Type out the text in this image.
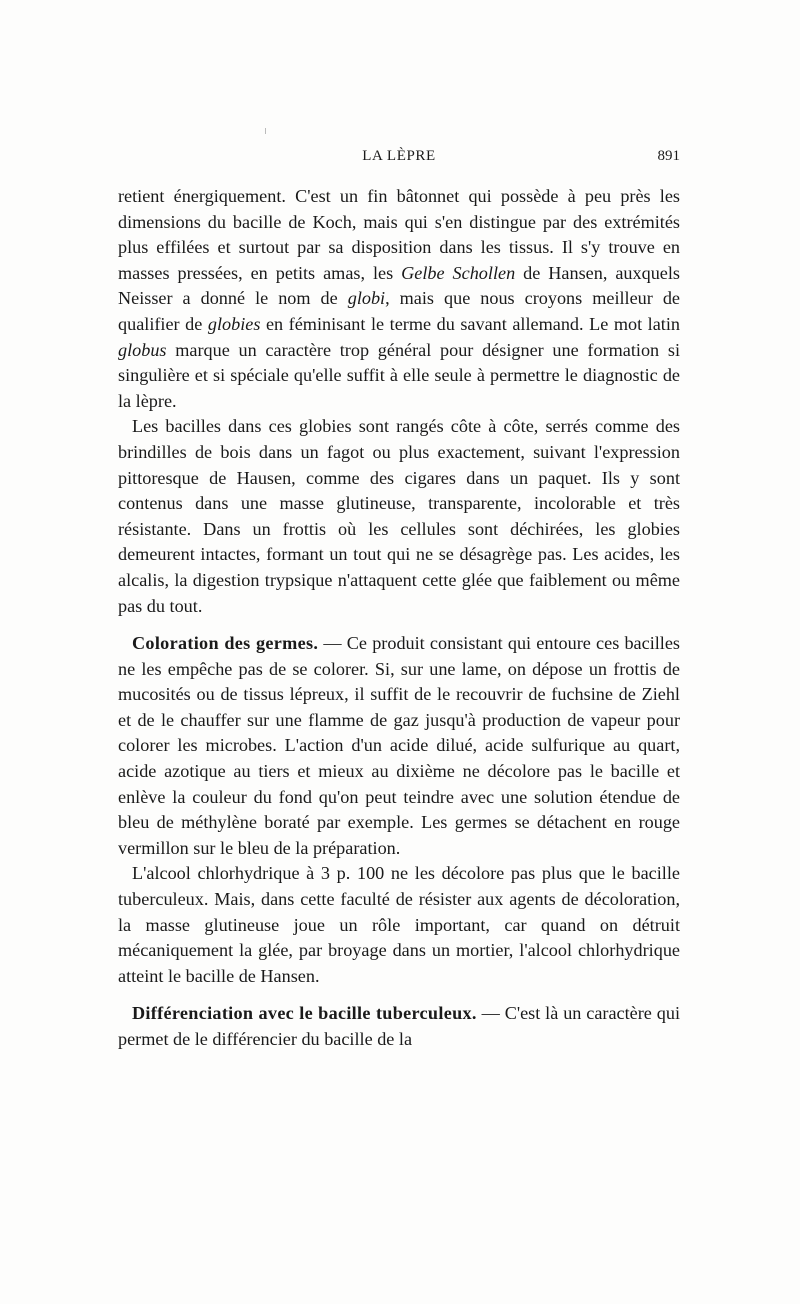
LA LÈPRE	891

retient énergiquement. C'est un fin bâtonnet qui possède à peu près les dimensions du bacille de Koch, mais qui s'en distingue par des extrémités plus effilées et surtout par sa disposition dans les tissus. Il s'y trouve en masses pressées, en petits amas, les Gelbe Schollen de Hansen, auxquels Neisser a donné le nom de globi, mais que nous croyons meilleur de qualifier de globies en féminisant le terme du savant allemand. Le mot latin globus marque un caractère trop général pour désigner une formation si singulière et si spéciale qu'elle suffit à elle seule à permettre le diagnostic de la lèpre.

Les bacilles dans ces globies sont rangés côte à côte, serrés comme des brindilles de bois dans un fagot ou plus exactement, suivant l'expression pittoresque de Hausen, comme des cigares dans un paquet. Ils y sont contenus dans une masse glutineuse, transparente, incolorable et très résistante. Dans un frottis où les cellules sont déchirées, les globies demeurent intactes, formant un tout qui ne se désagrège pas. Les acides, les alcalis, la digestion trypsique n'attaquent cette glée que faiblement ou même pas du tout.

Coloration des germes. — Ce produit consistant qui entoure ces bacilles ne les empêche pas de se colorer. Si, sur une lame, on dépose un frottis de mucosités ou de tissus lépreux, il suffit de le recouvrir de fuchsine de Ziehl et de le chauffer sur une flamme de gaz jusqu'à production de vapeur pour colorer les microbes. L'action d'un acide dilué, acide sulfurique au quart, acide azotique au tiers et mieux au dixième ne décolore pas le bacille et enlève la couleur du fond qu'on peut teindre avec une solution étendue de bleu de méthylène boraté par exemple. Les germes se détachent en rouge vermillon sur le bleu de la préparation.

L'alcool chlorhydrique à 3 p. 100 ne les décolore pas plus que le bacille tuberculeux. Mais, dans cette faculté de résister aux agents de décoloration, la masse glutineuse joue un rôle important, car quand on détruit mécaniquement la glée, par broyage dans un mortier, l'alcool chlorhydrique atteint le bacille de Hansen.

Différenciation avec le bacille tuberculeux. — C'est là un caractère qui permet de le différencier du bacille de la
